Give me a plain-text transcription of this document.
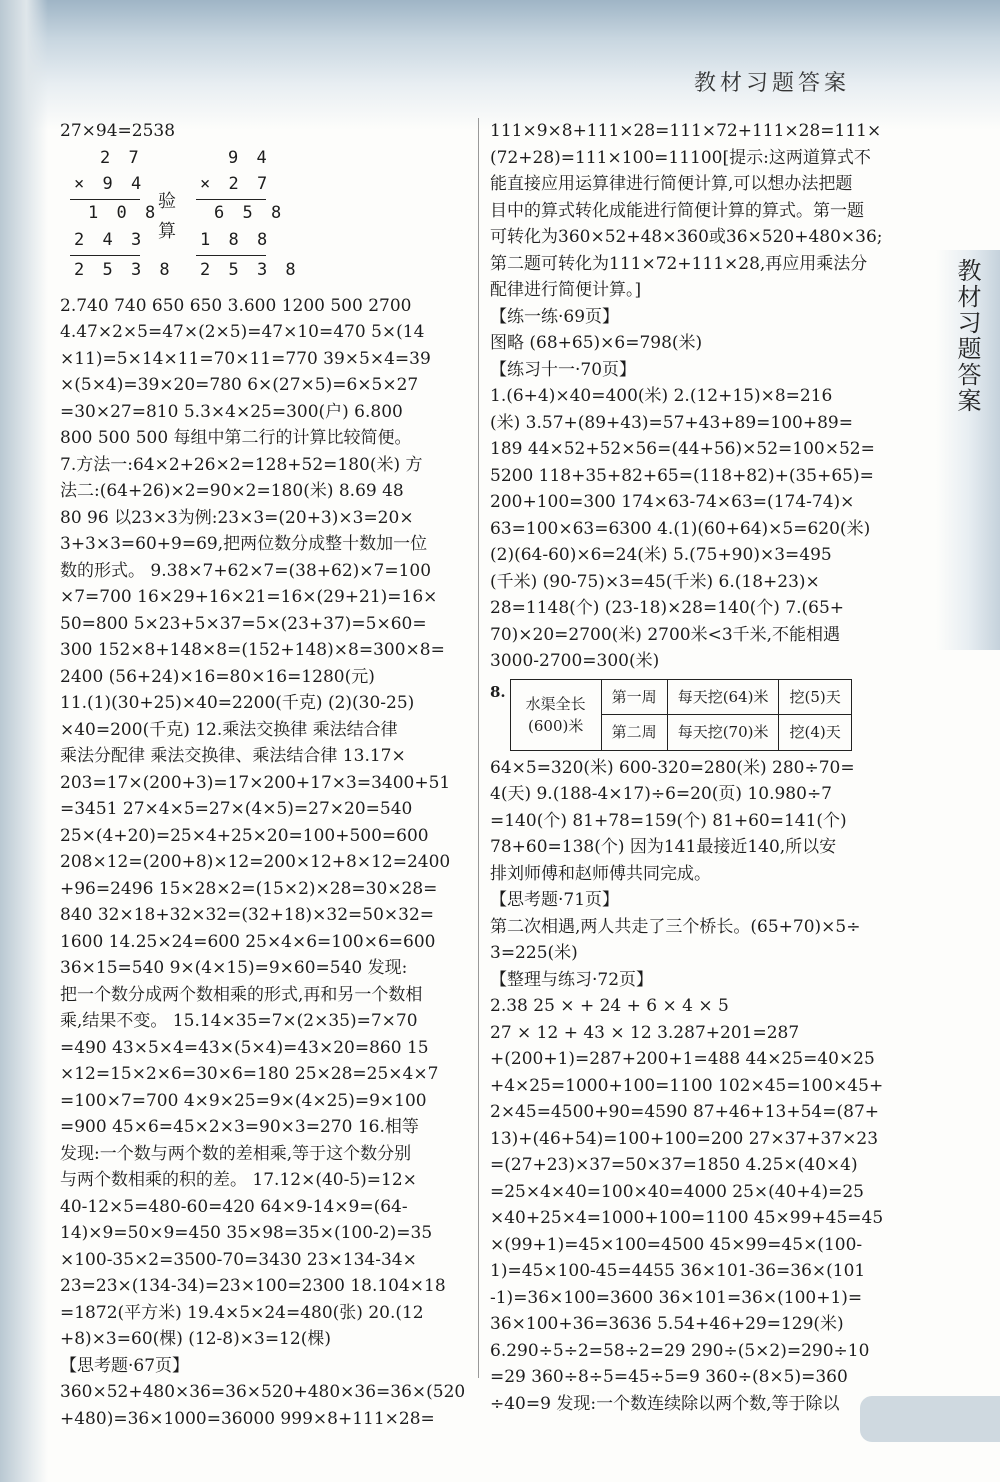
教材习题答案
教材习题答案

27×94=2538

2 7
× 9 4
1 0 8
2 4 3
2 5 3 8
验算
9 4
× 2 7
6 5 8
1 8 8
2 5 3 8

2.740 740 650 650 3.600 1200 500 2700

4.47×2×5=47×(2×5)=47×10=470 5×(14

×11)=5×14×11=70×11=770 39×5×4=39

×(5×4)=39×20=780 6×(27×5)=6×5×27

=30×27=810 5.3×4×25=300(户) 6.800

800 500 500 每组中第二行的计算比较简便。

7.方法一:64×2+26×2=128+52=180(米) 方

法二:(64+26)×2=90×2=180(米) 8.69 48

80 96 以23×3为例:23×3=(20+3)×3=20×

3+3×3=60+9=69,把两位数分成整十数加一位

数的形式。 9.38×7+62×7=(38+62)×7=100

×7=700 16×29+16×21=16×(29+21)=16×

50=800 5×23+5×37=5×(23+37)=5×60=

300 152×8+148×8=(152+148)×8=300×8=

2400 (56+24)×16=80×16=1280(元)

11.(1)(30+25)×40=2200(千克) (2)(30-25)

×40=200(千克) 12.乘法交换律 乘法结合律

乘法分配律 乘法交换律、乘法结合律 13.17×

203=17×(200+3)=17×200+17×3=3400+51

=3451 27×4×5=27×(4×5)=27×20=540

25×(4+20)=25×4+25×20=100+500=600

208×12=(200+8)×12=200×12+8×12=2400

+96=2496 15×28×2=(15×2)×28=30×28=

840 32×18+32×32=(32+18)×32=50×32=

1600 14.25×24=600 25×4×6=100×6=600

36×15=540 9×(4×15)=9×60=540 发现:

把一个数分成两个数相乘的形式,再和另一个数相

乘,结果不变。 15.14×35=7×(2×35)=7×70

=490 43×5×4=43×(5×4)=43×20=860 15

×12=15×2×6=30×6=180 25×28=25×4×7

=100×7=700 4×9×25=9×(4×25)=9×100

=900 45×6=45×2×3=90×3=270 16.相等

发现:一个数与两个数的差相乘,等于这个数分别

与两个数相乘的积的差。 17.12×(40-5)=12×

40-12×5=480-60=420 64×9-14×9=(64-

14)×9=50×9=450 35×98=35×(100-2)=35

×100-35×2=3500-70=3430 23×134-34×

23=23×(134-34)=23×100=2300 18.104×18

=1872(平方米) 19.4×5×24=480(张) 20.(12

+8)×3=60(棵) (12-8)×3=12(棵)

【思考题·67页】

360×52+480×36=36×520+480×36=36×(520

+480)=36×1000=36000 999×8+111×28=

111×9×8+111×28=111×72+111×28=111×

(72+28)=111×100=11100[提示:这两道算式不

能直接应用运算律进行简便计算,可以想办法把题

目中的算式转化成能进行简便计算的算式。第一题

可转化为360×52+48×360或36×520+480×36;

第二题可转化为111×72+111×28,再应用乘法分

配律进行简便计算。]

【练一练·69页】

图略 (68+65)×6=798(米)

【练习十一·70页】

1.(6+4)×40=400(米) 2.(12+15)×8=216

(米) 3.57+(89+43)=57+43+89=100+89=

189 44×52+52×56=(44+56)×52=100×52=

5200 118+35+82+65=(118+82)+(35+65)=

200+100=300 174×63-74×63=(174-74)×

63=100×63=6300 4.(1)(60+64)×5=620(米)

(2)(64-60)×6=24(米) 5.(75+90)×3=495

(千米) (90-75)×3=45(千米) 6.(18+23)×

28=1148(个) (23-18)×28=140(个) 7.(65+

70)×20=2700(米) 2700米<3千米,不能相遇

3000-2700=300(米)

8.	水渠全长(600)米	第一周	每天挖(64)米	挖(5)天
		第二周	每天挖(70)米	挖(4)天

64×5=320(米) 600-320=280(米) 280÷70=

4(天) 9.(188-4×17)÷6=20(页) 10.980÷7

=140(个) 81+78=159(个) 81+60=141(个)

78+60=138(个) 因为141最接近140,所以安

排刘师傅和赵师傅共同完成。

【思考题·71页】

第二次相遇,两人共走了三个桥长。(65+70)×5÷

3=225(米)

【整理与练习·72页】

2.38 25 × + 24 + 6 × 4 × 5

27 × 12 + 43 × 12 3.287+201=287

+(200+1)=287+200+1=488 44×25=40×25

+4×25=1000+100=1100 102×45=100×45+

2×45=4500+90=4590 87+46+13+54=(87+

13)+(46+54)=100+100=200 27×37+37×23

=(27+23)×37=50×37=1850 4.25×(40×4)

=25×4×40=100×40=4000 25×(40+4)=25

×40+25×4=1000+100=1100 45×99+45=45

×(99+1)=45×100=4500 45×99=45×(100-

1)=45×100-45=4455 36×101-36=36×(101

-1)=36×100=3600 36×101=36×(100+1)=

36×100+36=3636 5.54+46+29=129(米)

6.290÷5÷2=58÷2=29 290÷(5×2)=290÷10

=29 360÷8÷5=45÷5=9 360÷(8×5)=360

÷40=9 发现:一个数连续除以两个数,等于除以
